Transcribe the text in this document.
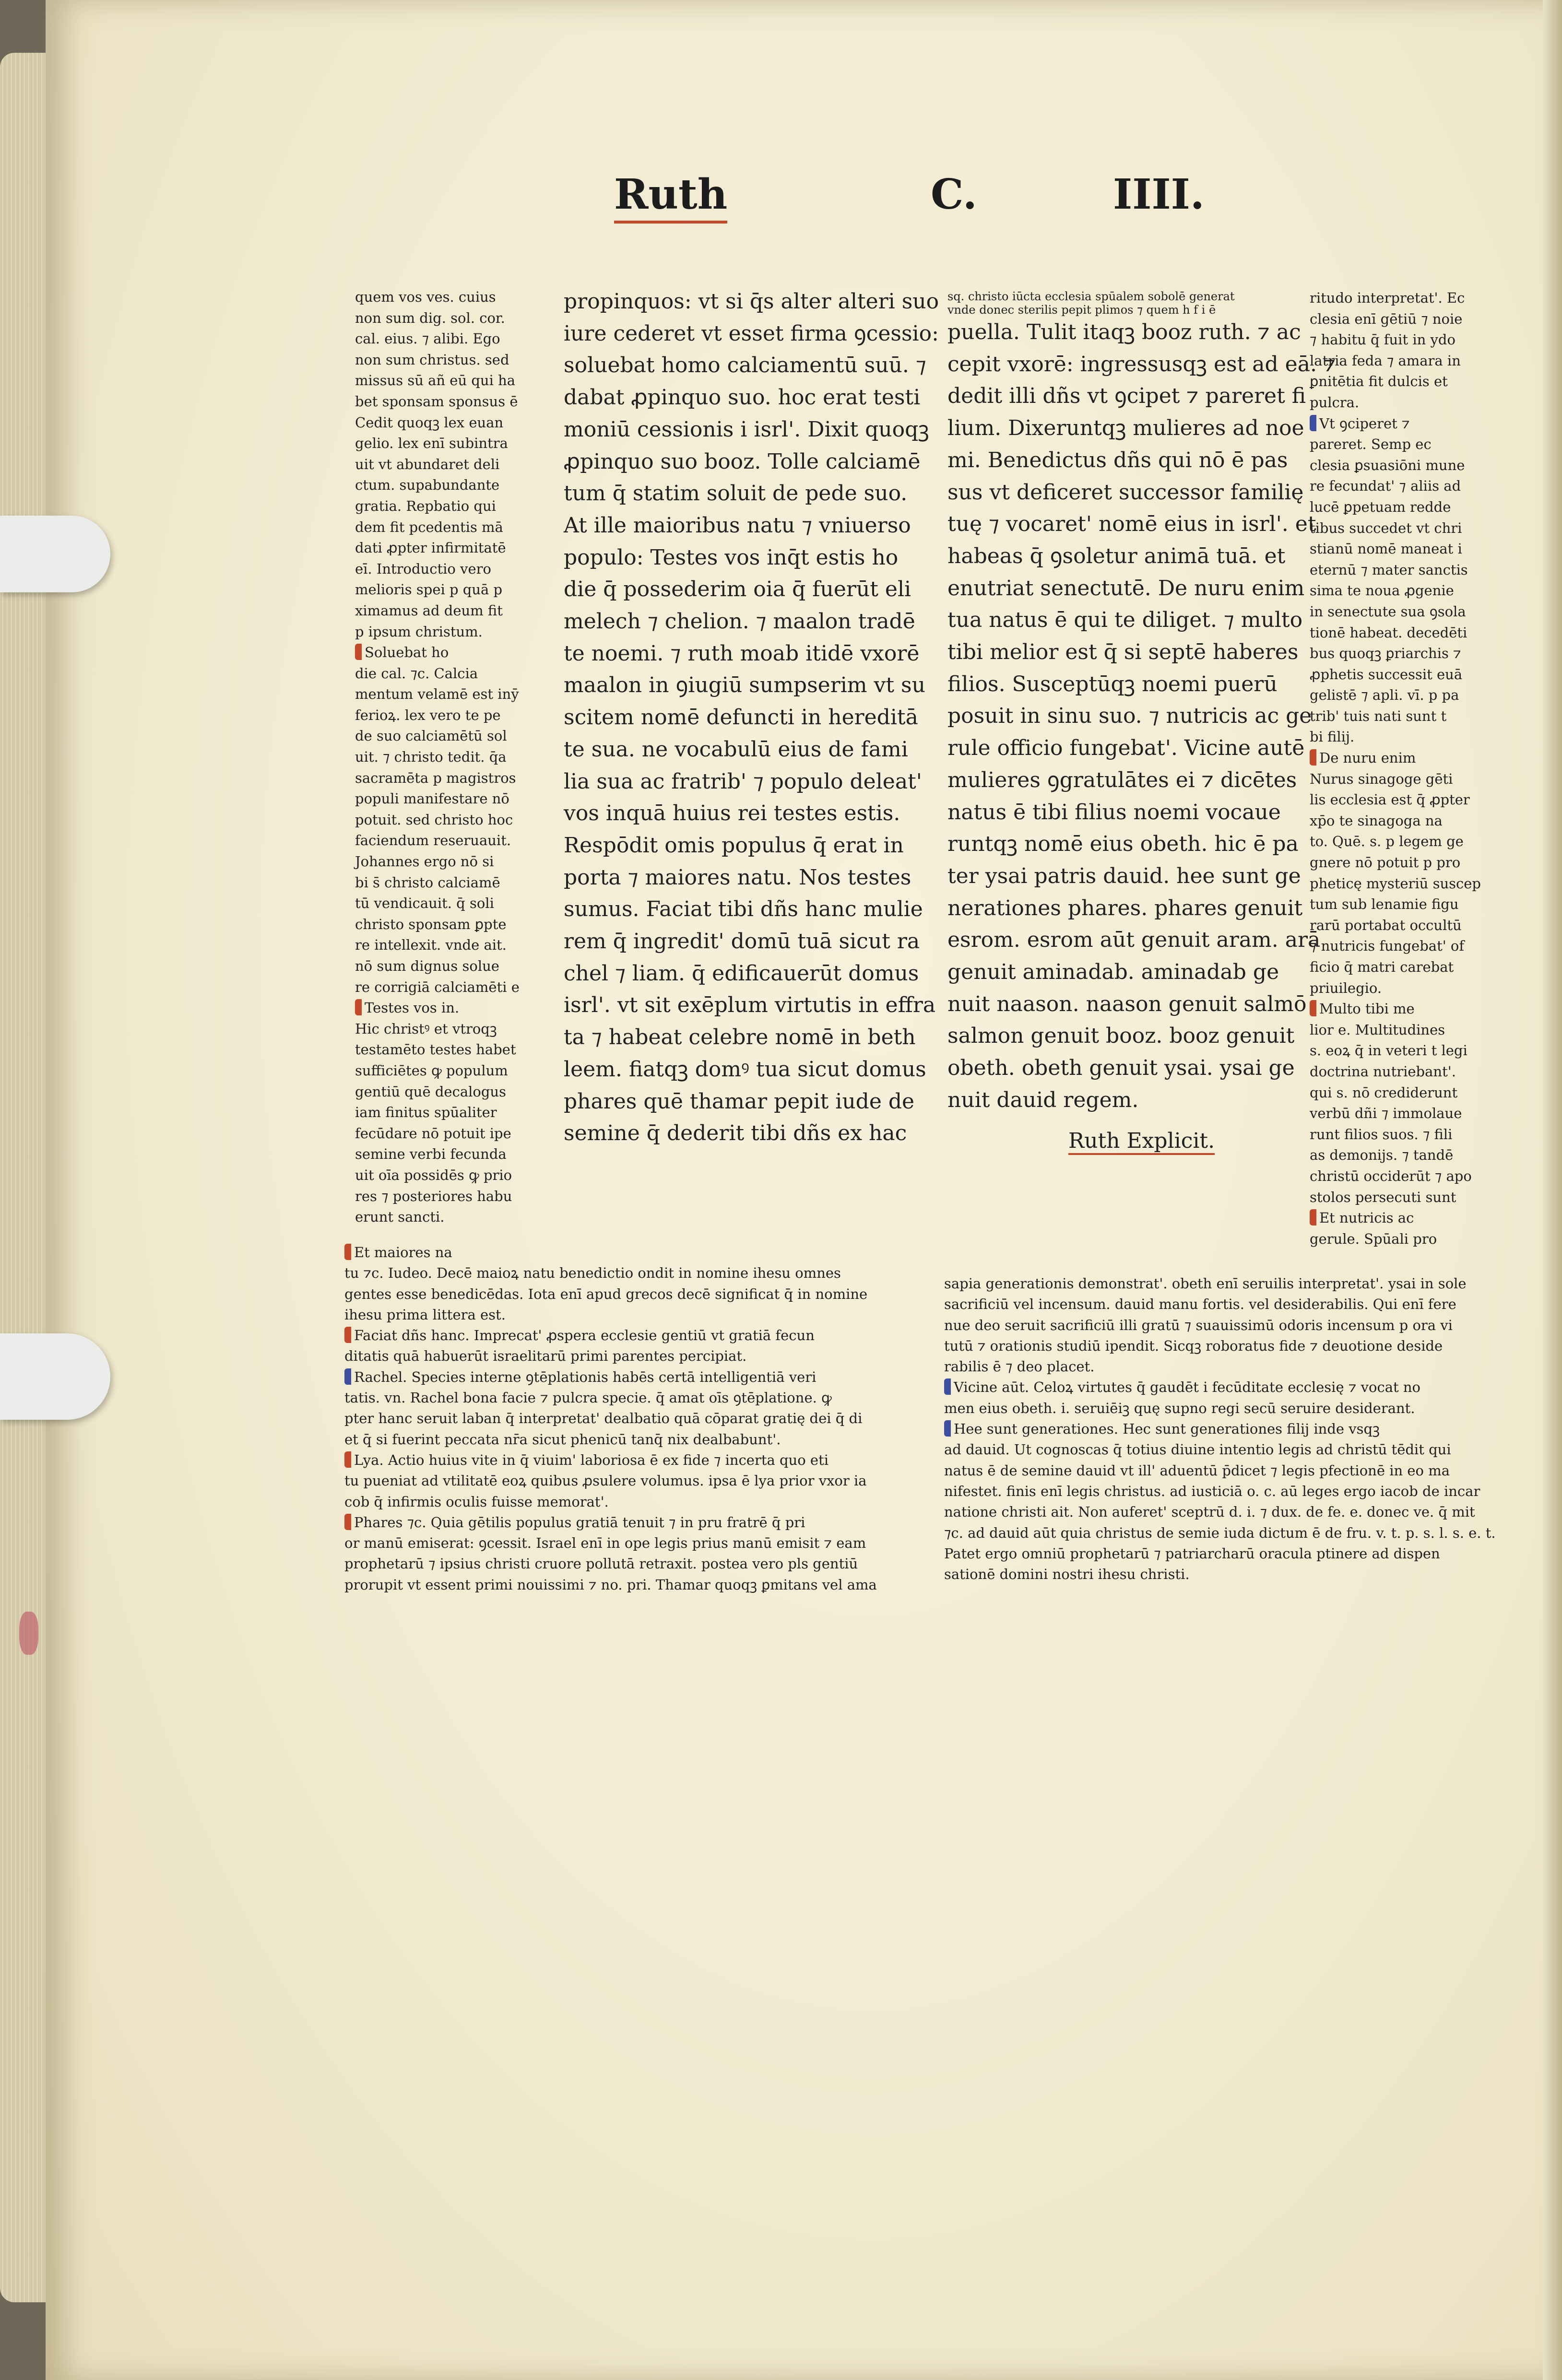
Ruth	C.	IIII.

quem vos ves. cuius

non sum dig. sol. cor.

cal. eius. ⁊ alibi. Ego

non sum christus. sed

missus sū añ eū qui ha

bet sponsam sponsus ē

Cedit quoqꝫ lex euan

gelio. lex enī subintra

uit vt abundaret deli

ctum. supabundante

gratia. Repbatio qui

dem fit pcedentis mā

dati ꝓpter infirmitatē

eī. Introductio vero

melioris spei p quā p

ximamus ad deum fit

p ipsum christum.

Soluebat ho

die cal. ⁊c. Calcia

mentum velamē est inȳ

ferioꝝ. lex vero te pe

de suo calciamētū sol

uit. ⁊ christo tedit. q̄a

sacramēta p magistros

populi manifestare nō

potuit. sed christo hoc

faciendum reseruauit.

Johannes ergo nō si

bi s̄ christo calciamē

tū vendicauit. q̄ soli

christo sponsam ꝑpte

re intellexit. vnde ait.

nō sum dignus solue

re corrigiā calciamēti e

Testes vos in.

Hic christꝰ et vtroqꝫ

testamēto testes habet

sufficiētes ꝙ populum

gentiū quē decalogus

iam finitus spūaliter

fecūdare nō potuit ipe

semine verbi fecunda

uit oīa possidēs ꝙ prio

res ⁊ posteriores habu

erunt sancti.

propinquos: vt si q̄s alter alteri suo

iure cederet vt esset firma ꝯcessio:

soluebat homo calciamentū suū. ⁊

dabat ꝓpinquo suo. hoc erat testi

moniū cessionis i isrl'. Dixit quoqꝫ

ꝓpinquo suo booz. Tolle calciamē

tum q̄ statim soluit de pede suo.

At ille maioribus natu ⁊ vniuerso

populo: Testes vos inq̄t estis ho

die q̄ possederim oia q̄ fuerūt eli

melech ⁊ chelion. ⁊ maalon tradē

te noemi. ⁊ ruth moab itidē vxorē

maalon in ꝯiugiū sumpserim vt su

scitem nomē defuncti in hereditā

te sua. ne vocabulū eius de fami

lia sua ac fratrib' ⁊ populo deleat'

vos inquā huius rei testes estis.

Respōdit omis populus q̄ erat in

porta ⁊ maiores natu. Nos testes

sumus. Faciat tibi dñs hanc mulie

rem q̄ ingredit' domū tuā sicut ra

chel ⁊ liam. q̄ edificauerūt domus

isrl'. vt sit exēplum virtutis in effra

ta ⁊ habeat celebre nomē in beth

leem. fiatqꝫ domꝰ tua sicut domus

phares quē thamar pepit iude de

semine q̄ dederit tibi dñs ex hac

sq. christo iūcta ecclesia spūalem sobolē generat

vnde donec sterilis pepit plimos ⁊ quem h f i ē

puella. Tulit itaqꝫ booz ruth. ⁊ ac

cepit vxorē: ingressusqꝫ est ad eā. ⁊

dedit illi dñs vt ꝯcipet ⁊ pareret fi

lium. Dixeruntqꝫ mulieres ad noe

mi. Benedictus dñs qui nō ē pas

sus vt deficeret successor familię

tuę ⁊ vocaret' nomē eius in isrl'. et

habeas q̄ ꝯsoletur animā tuā. et

enutriat senectutē. De nuru enim

tua natus ē qui te diliget. ⁊ multo

tibi melior est q̄ si septē haberes

filios. Susceptūqꝫ noemi puerū

posuit in sinu suo. ⁊ nutricis ac ge

rule officio fungebat'. Vicine autē

mulieres ꝯgratulātes ei ⁊ dicētes

natus ē tibi filius noemi vocaue

runtqꝫ nomē eius obeth. hic ē pa

ter ysai patris dauid. hee sunt ge

nerationes phares. phares genuit

esrom. esrom aūt genuit aram. arā

genuit aminadab. aminadab ge

nuit naason. naason genuit salmō

salmon genuit booz. booz genuit

obeth. obeth genuit ysai. ysai ge

nuit dauid regem.

Ruth Explicit.

ritudo interpretat'. Ec

clesia enī gētiū ⁊ noie

⁊ habitu q̄ fuit in ydo

latria feda ⁊ amara in

ꝑnitētia fit dulcis et

pulcra.

Vt ꝯciperet ⁊

pareret. Semp ec

clesia ꝑsuasiōni mune

re fecundat' ⁊ aliis ad

lucē ꝑpetuam redde

tibus succedet vt chri

stianū nomē maneat i

eternū ⁊ mater sanctis

sima te noua ꝓgenie

in senectute sua ꝯsola

tionē habeat. decedēti

bus quoqꝫ ꝑriarchis ⁊

ꝓphetis successit euā

gelistē ⁊ apli. vī. p pa

trib' tuis nati sunt t

bi filij.

De nuru enim

Nurus sinagoge gēti

lis ecclesia est q̄ ꝓpter

xp̄o te sinagoga na

to. Quē. s. p legem ge

gnere nō potuit p pro

pheticę mysteriū suscep

tum sub lenamie figu

rarū portabat occultū

⁊ nutricis fungebat' of

ficio q̄ matri carebat

priuilegio.

Multo tibi me

lior e. Multitudines

s. eoꝝ q̄ in veteri t legi

doctrina nutriebant'.

qui s. nō crediderunt

verbū dñi ⁊ immolaue

runt filios suos. ⁊ fili

as demonijs. ⁊ tandē

christū occiderūt ⁊ apo

stolos persecuti sunt

Et nutricis ac

gerule. Spūali pro

Et maiores na

tu ⁊c. Iudeo. Decē maioꝝ natu benedictio ondit in nomine ihesu omnes

gentes esse benedicēdas. Iota enī apud grecos decē significat q̄ in nomine

ihesu prima littera est.

Faciat dñs hanc. Imprecat' ꝓspera ecclesie gentiū vt gratiā fecun

ditatis quā habuerūt israelitarū primi parentes percipiat.

Rachel. Species interne ꝯtēplationis habēs certā intelligentiā veri

tatis. vn. Rachel bona facie ⁊ pulcra specie. q̄ amat oīs ꝯtēplatione. ꝙ

pter hanc seruit laban q̄ interpretat' dealbatio quā cōparat gratię dei q̄ di

et q̄ si fuerint peccata nr̄a sicut phenicū tanq̄ nix dealbabunt'.

Lya. Actio huius vite in q̄ viuim' laboriosa ē ex fide ⁊ incerta quo eti

tu pueniat ad vtilitatē eoꝝ quibus ꝓsulere volumus. ipsa ē lya prior vxor ia

cob q̄ infirmis oculis fuisse memorat'.

Phares ⁊c. Quia gētilis populus gratiā tenuit ⁊ in pru fratrē q̄ pri

or manū emiserat: ꝯcessit. Israel enī in ope legis prius manū emisit ⁊ eam

prophetarū ⁊ ipsius christi cruore pollutā retraxit. postea vero pls gentiū

prorupit vt essent primi nouissimi ⁊ no. pri. Thamar quoqꝫ ꝑmitans vel ama

sapia generationis demonstrat'. obeth enī seruilis interpretat'. ysai in sole

sacrificiū vel incensum. dauid manu fortis. vel desiderabilis. Qui enī fere

nue deo seruit sacrificiū illi gratū ⁊ suauissimū odoris incensum p ora vi

tutū ⁊ orationis studiū ipendit. Sicqꝫ roboratus fide ⁊ deuotione deside

rabilis ē ⁊ deo placet.

Vicine aūt. Celoꝝ virtutes q̄ gaudēt i fecūditate ecclesię ⁊ vocat no

men eius obeth. i. seruiēiꝫ quę supno regi secū seruire desiderant.

Hee sunt generationes. Hec sunt generationes filij inde vsqꝫ

ad dauid. Ut cognoscas q̄ totius diuine intentio legis ad christū tēdit qui

natus ē de semine dauid vt ill' aduentū p̄dicet ⁊ legis pfectionē in eo ma

nifestet. finis enī legis christus. ad iusticiā o. c. aū leges ergo iacob de incar

natione christi ait. Non auferet' sceptrū d. i. ⁊ dux. de fe. e. donec ve. q̄ mit

⁊c. ad dauid aūt quia christus de semie iuda dictum ē de fru. v. t. p. s. l. s. e. t.

Patet ergo omniū prophetarū ⁊ patriarcharū oracula ptinere ad dispen

sationē domini nostri ihesu christi.
